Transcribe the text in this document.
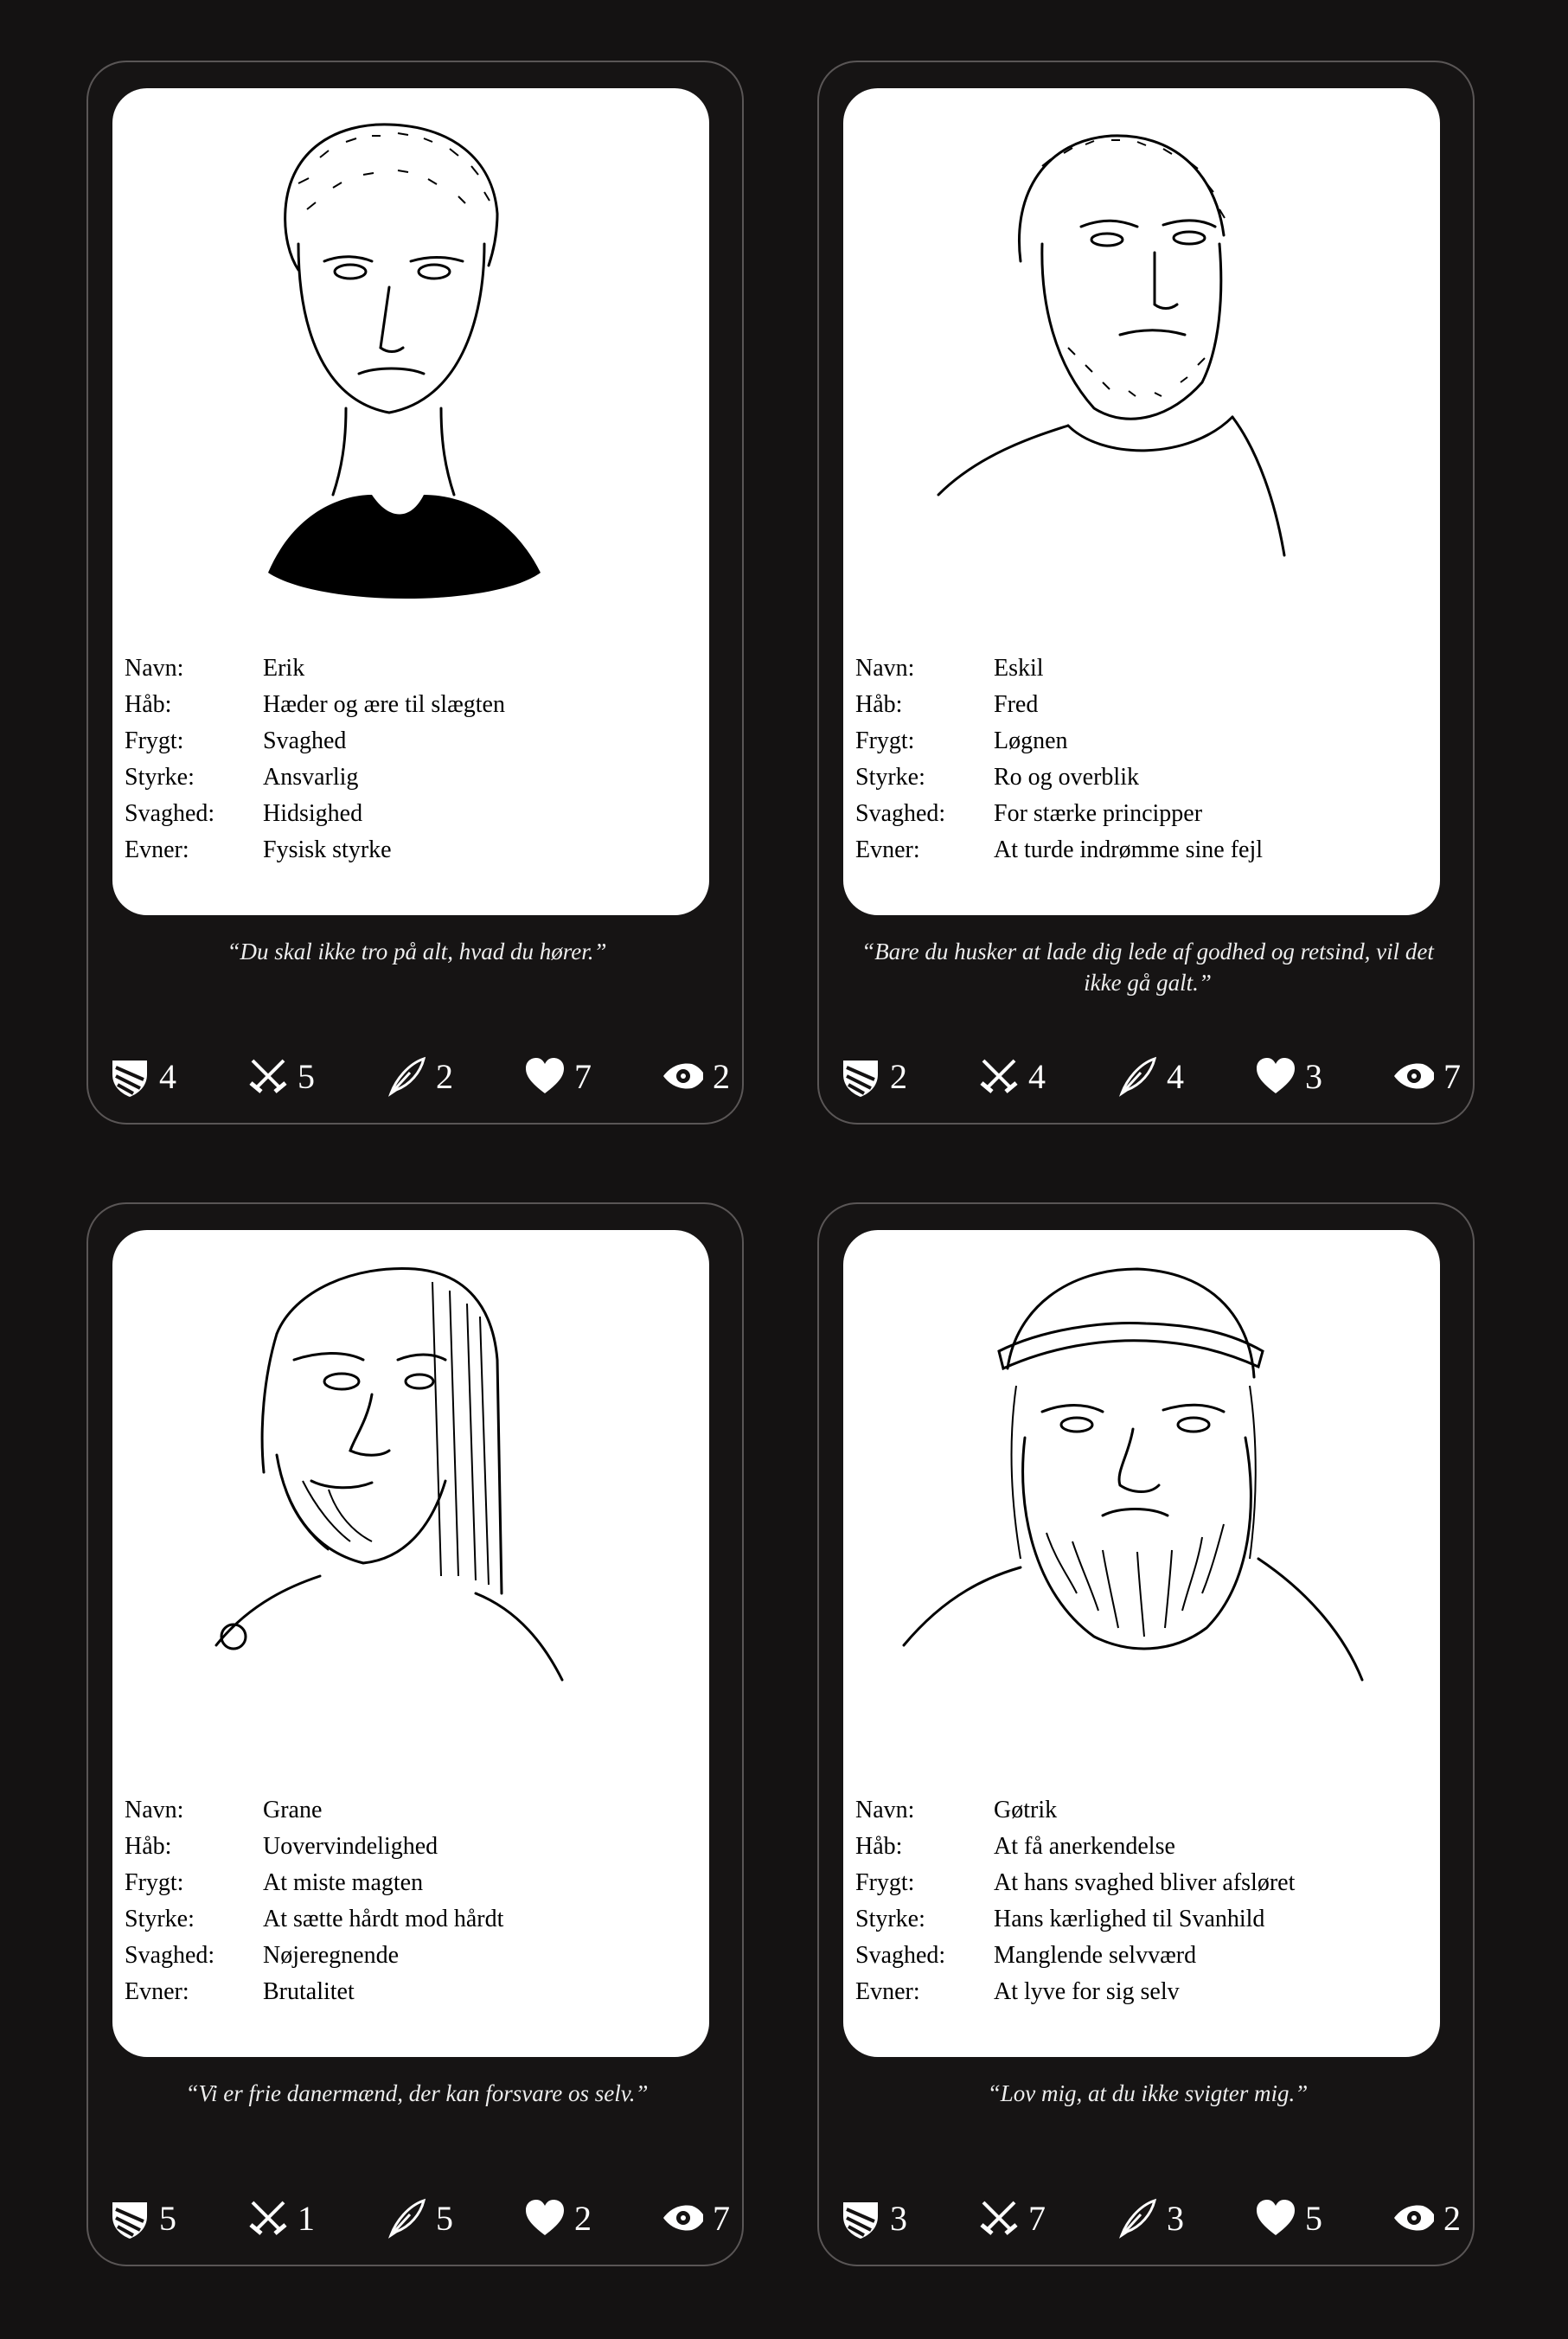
Navn:	Erik
Håb:	Hæder og ære til slægten
Frygt:	Svaghed
Styrke:	Ansvarlig
Svaghed:	Hidsighed
Evner:	Fysisk styrke
“Du skal ikke tro på alt, hvad du hører.”
4	5	2	7	2
Navn:	Eskil
Håb:	Fred
Frygt:	Løgnen
Styrke:	Ro og overblik
Svaghed:	For stærke principper
Evner:	At turde indrømme sine fejl
“Bare du husker at lade dig lede af godhed og retsind, vil det ikke gå galt.”
2	4	4	3	7
Navn:	Grane
Håb:	Uovervindelighed
Frygt:	At miste magten
Styrke:	At sætte hårdt mod hårdt
Svaghed:	Nøjeregnende
Evner:	Brutalitet
“Vi er frie danermænd, der kan forsvare os selv.”
5	1	5	2	7
Navn:	Gøtrik
Håb:	At få anerkendelse
Frygt:	At hans svaghed bliver afsløret
Styrke:	Hans kærlighed til Svanhild
Svaghed:	Manglende selvværd
Evner:	At lyve for sig selv
“Lov mig, at du ikke svigter mig.”
3	7	3	5	2
